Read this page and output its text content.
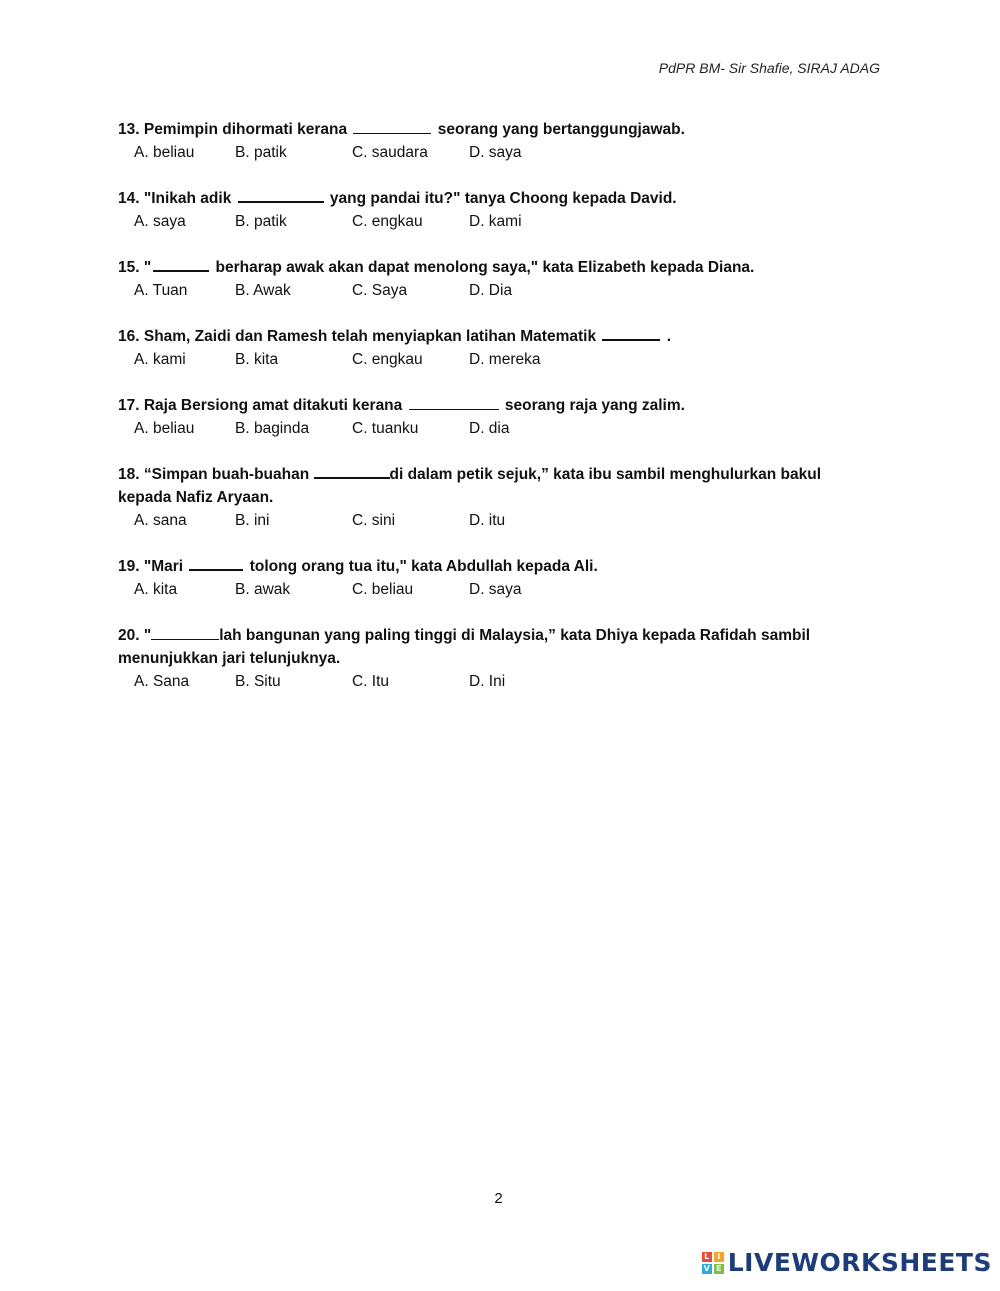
PdPR BM- Sir Shafie, SIRAJ ADAG

13. Pemimpin dihormati kerana	seorang yang bertanggungjawab.

A. beliau	B. patik	C. saudara	D. saya

14. "Inikah adik	yang pandai itu?" tanya Choong kepada David.

A. saya	B. patik	C. engkau	D. kami

15. "	berharap awak akan dapat menolong saya," kata Elizabeth kepada Diana.

A. Tuan	B. Awak	C. Saya	D. Dia

16. Sham, Zaidi dan Ramesh telah menyiapkan latihan Matematik	.

A. kami	B. kita	C. engkau	D. mereka

17. Raja Bersiong amat ditakuti kerana	seorang raja yang zalim.

A. beliau	B. baginda	C. tuanku	D. dia

18. “Simpan buah-buahan	di dalam petik sejuk,” kata ibu sambil menghulurkan bakul kepada Nafiz Aryaan.

A. sana	B. ini	C. sini	D. itu

19. "Mari	tolong orang tua itu," kata Abdullah kepada Ali.

A. kita	B. awak	C. beliau	D. saya

20. "	lah bangunan yang paling tinggi di Malaysia,” kata Dhiya kepada Rafidah sambil menunjukkan jari telunjuknya.

A. Sana	B. Situ	C. Itu	D. Ini
2
L I
V E LIVEWORKSHEETS
